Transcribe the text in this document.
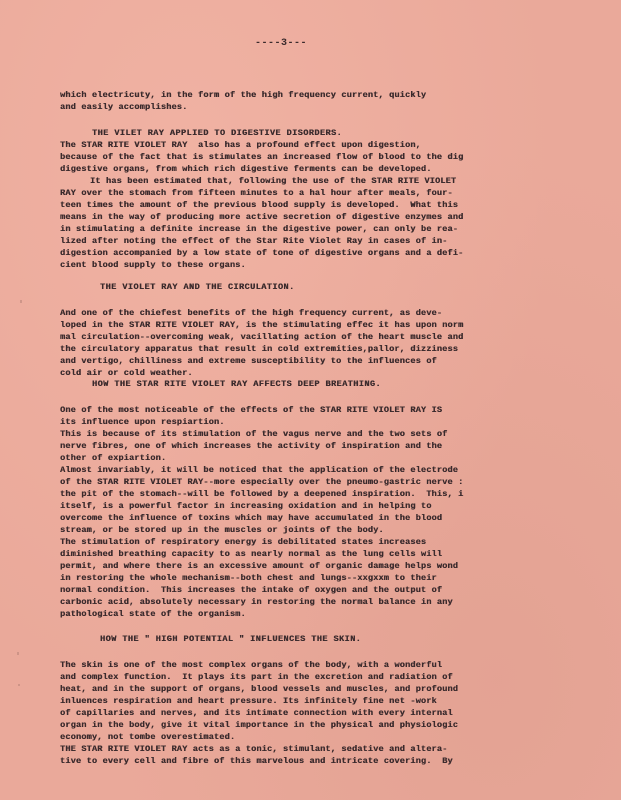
----3---
which electricuty, in the form of the high frequency current, quickly
and easily accomplishes.
THE VILET RAY APPLIED TO DIGESTIVE DISORDERS.
The STAR RITE VIOLET RAY  also has a profound effect upon digestion,
because of the fact that is stimulates an increased flow of blood to the dig
digestive organs, from which rich digestive ferments can be developed.
It has been estimated that, following the use of the STAR RITE VIOLET
RAY over the stomach from fifteen minutes to a hal hour after meals, four-
teen times the amount of the previous blood supply is developed.  What this
means in the way of producing more active secretion of digestive enzymes and
in stimulating a definite increase in the digestive power, can only be rea-
lized after noting the effect of the Star Rite Violet Ray in cases of in-
digestion accompanied by a low state of tone of digestive organs and a defi-
cient blood supply to these organs.
THE VIOLET RAY AND THE CIRCULATION.
And one of the chiefest benefits of the high frequency current, as deve-
loped in the STAR RITE VIOLET RAY, is the stimulating effec it has upon norm
mal circulation--overcoming weak, vacillating action of the heart muscle and
the circulatory apparatus that result in cold extremities,pallor, dizziness
and vertigo, chilliness and extreme susceptibility to the influences of
cold air or cold weather.
HOW THE STAR RITE VIOLET RAY AFFECTS DEEP BREATHING.
One of the most noticeable of the effects of the STAR RITE VIOLET RAY IS
its influence upon respiartion.
This is because of its stimulation of the vagus nerve and the two sets of
nerve fibres, one of which increases the activity of inspiration and the
other of expiartion.
Almost invariably, it will be noticed that the application of the electrode
of the STAR RITE VIOLET RAY--more especially over the pneumo-gastric nerve :
the pit of the stomach--will be followed by a deepened inspiration.  This, i
itself, is a powerful factor in increasing oxidation and in helping to
overcome the influence of toxins which may have accumulated in the blood
stream, or be stored up in the muscles or joints of the body.
The stimulation of respiratory energy is debilitated states increases
diminished breathing capacity to as nearly normal as the lung cells will
permit, and where there is an excessive amount of organic damage helps wond
in restoring the whole mechanism--both chest and lungs--xxgxxm to their
normal condition.  This increases the intake of oxygen and the output of
carbonic acid, absolutely necessary in restoring the normal balance in any
pathological state of the organism.
HOW THE " HIGH POTENTIAL " INFLUENCES THE SKIN.
The skin is one of the most complex organs of the body, with a wonderful
and complex function.  It plays its part in the excretion and radiation of
heat, and in the support of organs, blood vessels and muscles, and profound
inluences respiration and heart pressure. Its infinitely fine net -work
of capillaries and nerves, and its intimate connection with every internal
organ in the body, give it vital importance in the physical and physiologic
economy, not tombe overestimated.
THE STAR RITE VIOLET RAY acts as a tonic, stimulant, sedative and altera-
tive to every cell and fibre of this marvelous and intricate covering.  By
